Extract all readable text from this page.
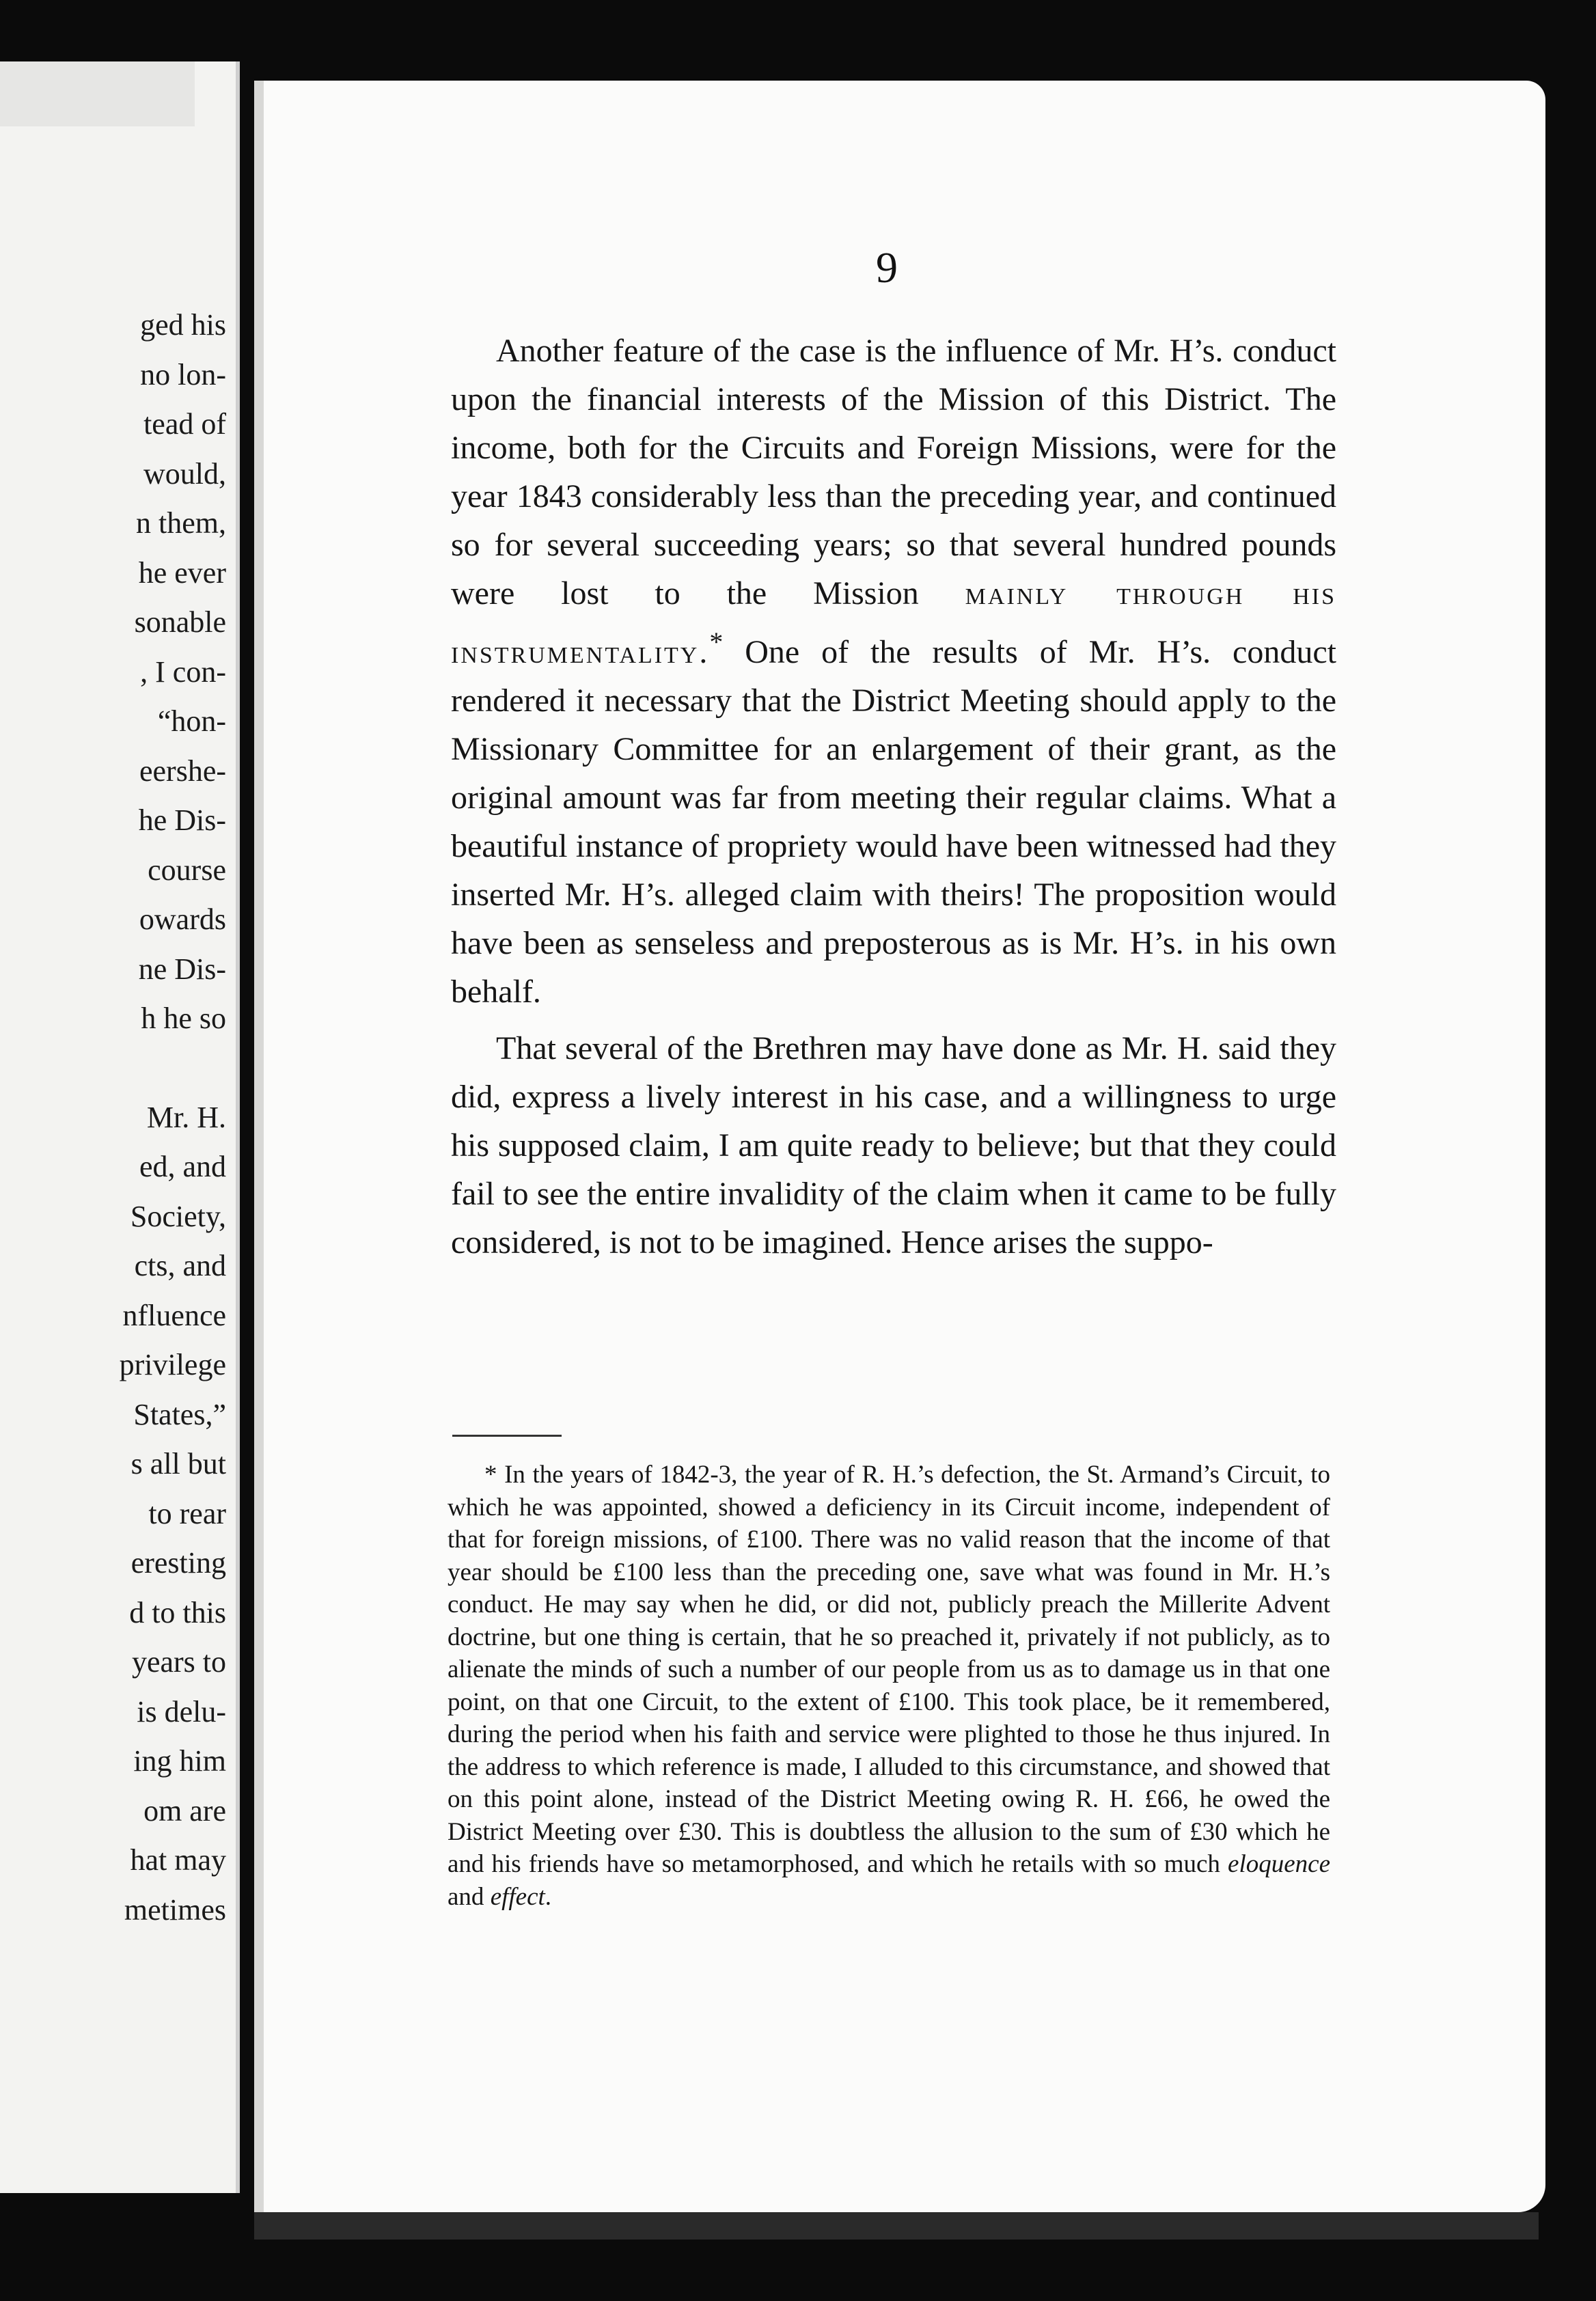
ged his
no lon-
tead of
would,
n them,
he ever
sonable
, I con-
“hon-
eershe-
he Dis-
course
owards
ne Dis-
h he so
Mr. H.
ed, and
Society,
cts, and
nfluence
privilege
States,”
s all but
to rear
eresting
d to this
years to
is delu-
ing him
om are
hat may
metimes
9

Another feature of the case is the influence of Mr. H’s. conduct upon the financial interests of the Mission of this District. The income, both for the Circuits and Foreign Missions, were for the year 1843 considerably less than the preceding year, and continued so for several succeeding years; so that several hundred pounds were lost to the Mission mainly through his instrumentality.* One of the results of Mr. H’s. conduct rendered it necessary that the District Meeting should apply to the Missionary Committee for an enlargement of their grant, as the original amount was far from meeting their regular claims. What a beautiful instance of propriety would have been witnessed had they inserted Mr. H’s. alleged claim with theirs! The proposition would have been as senseless and preposterous as is Mr. H’s. in his own behalf.

That several of the Brethren may have done as Mr. H. said they did, express a lively interest in his case, and a willingness to urge his supposed claim, I am quite ready to believe; but that they could fail to see the entire invalidity of the claim when it came to be fully considered, is not to be imagined. Hence arises the suppo-

* In the years of 1842-3, the year of R. H.’s defection, the St. Armand’s Circuit, to which he was appointed, showed a deficiency in its Circuit income, independent of that for foreign missions, of £100. There was no valid reason that the income of that year should be £100 less than the preceding one, save what was found in Mr. H.’s conduct. He may say when he did, or did not, publicly preach the Millerite Advent doctrine, but one thing is certain, that he so preached it, privately if not publicly, as to alienate the minds of such a number of our people from us as to damage us in that one point, on that one Circuit, to the extent of £100. This took place, be it remembered, during the period when his faith and service were plighted to those he thus injured. In the address to which reference is made, I alluded to this circumstance, and showed that on this point alone, instead of the District Meeting owing R. H. £66, he owed the District Meeting over £30. This is doubtless the allusion to the sum of £30 which he and his friends have so metamorphosed, and which he retails with so much eloquence and effect.
